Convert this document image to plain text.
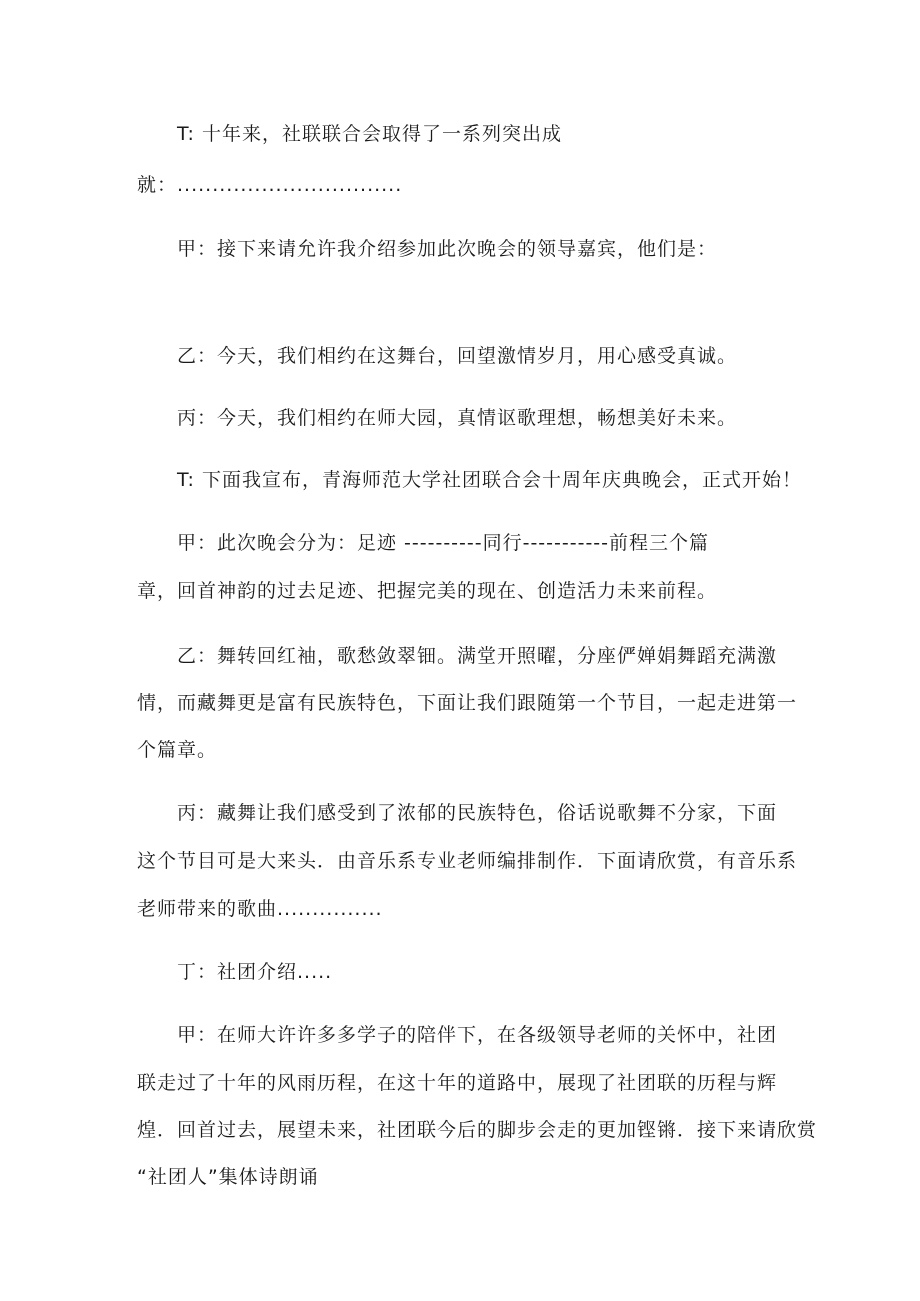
T: 十年来，社联联合会取得了一系列突出成
就：................................
甲：接下来请允许我介绍参加此次晚会的领导嘉宾，他们是：
乙：今天，我们相约在这舞台，回望激情岁月，用心感受真诚。
丙：今天，我们相约在师大园，真情讴歌理想，畅想美好未来。
T: 下面我宣布，青海师范大学社团联合会十周年庆典晚会，正式开始！
甲：此次晚会分为：足迹 ----------同行-----------前程三个篇
章，回首神韵的过去足迹、把握完美的现在、创造活力未来前程。
乙：舞转回红袖，歌愁敛翠钿。满堂开照曜，分座俨婵娟舞蹈充满激
情，而藏舞更是富有民族特色，下面让我们跟随第一个节目，一起走进第一
个篇章。
丙：藏舞让我们感受到了浓郁的民族特色，俗话说歌舞不分家，下面
这个节目可是大来头．由音乐系专业老师编排制作．下面请欣赏，有音乐系
老师带来的歌曲...............
丁：社团介绍.....
甲：在师大许许多多学子的陪伴下，在各级领导老师的关怀中，社团
联走过了十年的风雨历程，在这十年的道路中，展现了社团联的历程与辉
煌．回首过去，展望未来，社团联今后的脚步会走的更加铿锵．接下来请欣赏
“社团人”集体诗朗诵
